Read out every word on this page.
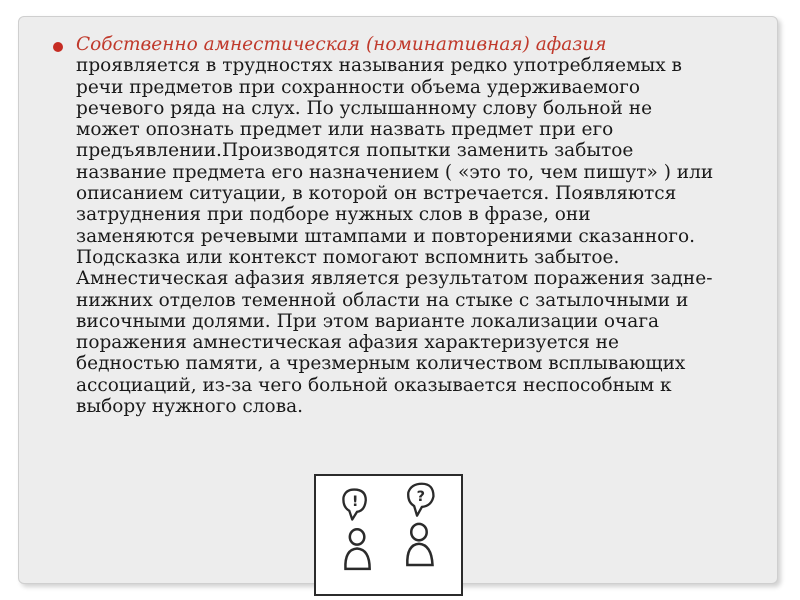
Собственно амнестическая (номинативная) афазия
проявляется в трудностях называния редко употребляемых в
речи предметов при сохранности объема удерживаемого
речевого ряда на слух. По услышанному слову больной не
может опознать предмет или назвать предмет при его
предъявлении.Производятся попытки заменить забытое
название предмета его назначением ( «это то, чем пишут» ) или
описанием ситуации, в которой он встречается. Появляются
затруднения при подборе нужных слов в фразе, они
заменяются речевыми штампами и повторениями сказанного.
Подсказка или контекст помогают вспомнить забытое.
Амнестическая афазия является результатом поражения задне-
нижних отделов теменной области на стыке с затылочными и
височными долями. При этом варианте локализации очага
поражения амнестическая афазия характеризуется не
бедностью памяти, а чрезмерным количеством всплывающих
ассоциаций, из-за чего больной оказывается неспособным к
выбору нужного слова.
!	?
